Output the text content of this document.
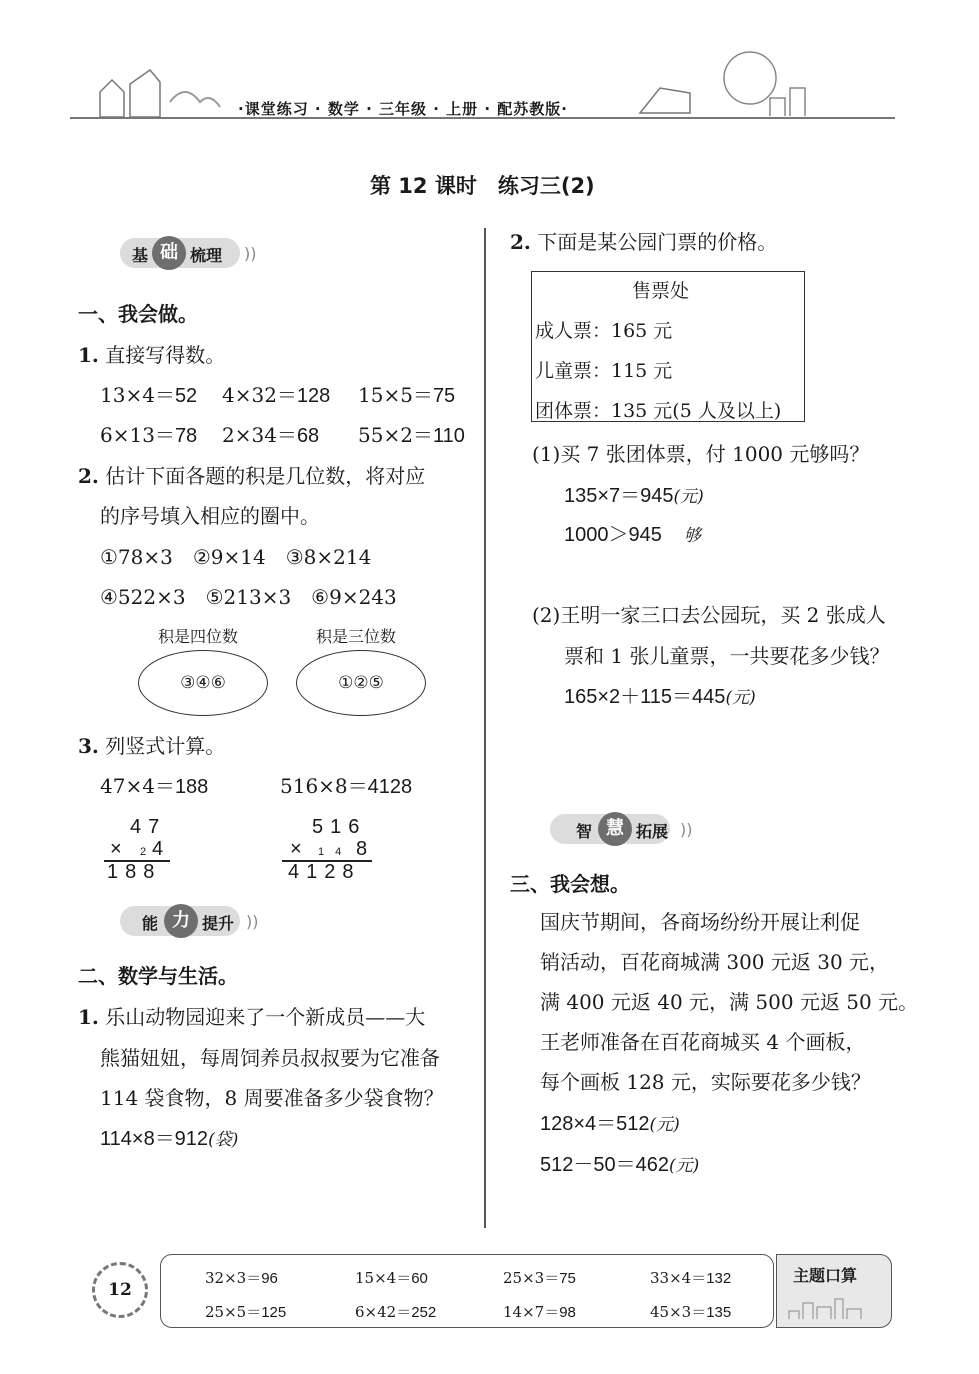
·课堂练习 · 数学 · 三年级 · 上册 · 配苏教版·
第 12 课时　练习三(2)
基 础 梳理 ))
一、我会做。
1. 直接写得数。
13×4＝52 4×32＝128 15×5＝75
6×13＝78 2×34＝68 55×2＝110
2. 估计下面各题的积是几位数，将对应
的序号填入相应的圈中。
①78×3　②9×14　③8×214
④522×3　⑤213×3　⑥9×243
积是四位数	积是三位数
③④⑥	①②⑤
3. 列竖式计算。
47×4＝188	516×8＝4128
47
× 2 4
188
516
× 1 4 8
4128
能 力 提升 ))
二、数学与生活。
1. 乐山动物园迎来了一个新成员——大
熊猫妞妞，每周饲养员叔叔要为它准备
114 袋食物，8 周要准备多少袋食物？
114×8＝912(袋)
2. 下面是某公园门票的价格。
售票处
成人票：165 元
儿童票：115 元
团体票：135 元(5 人及以上)
(1)买 7 张团体票，付 1000 元够吗？
135×7＝945(元)
1000＞945 够
(2)王明一家三口去公园玩，买 2 张成人
票和 1 张儿童票，一共要花多少钱？
165×2＋115＝445(元)
智 慧 拓展 ))
三、我会想。
国庆节期间，各商场纷纷开展让利促
销活动，百花商城满 300 元返 30 元，
满 400 元返 40 元，满 500 元返 50 元。
王老师准备在百花商城买 4 个画板，
每个画板 128 元，实际要花多少钱？
128×4＝512(元)
512－50＝462(元)
12
主题口算
32×3＝96	15×4＝60	25×3＝75	33×4＝132
25×5＝125	6×42＝252	14×7＝98	45×3＝135
